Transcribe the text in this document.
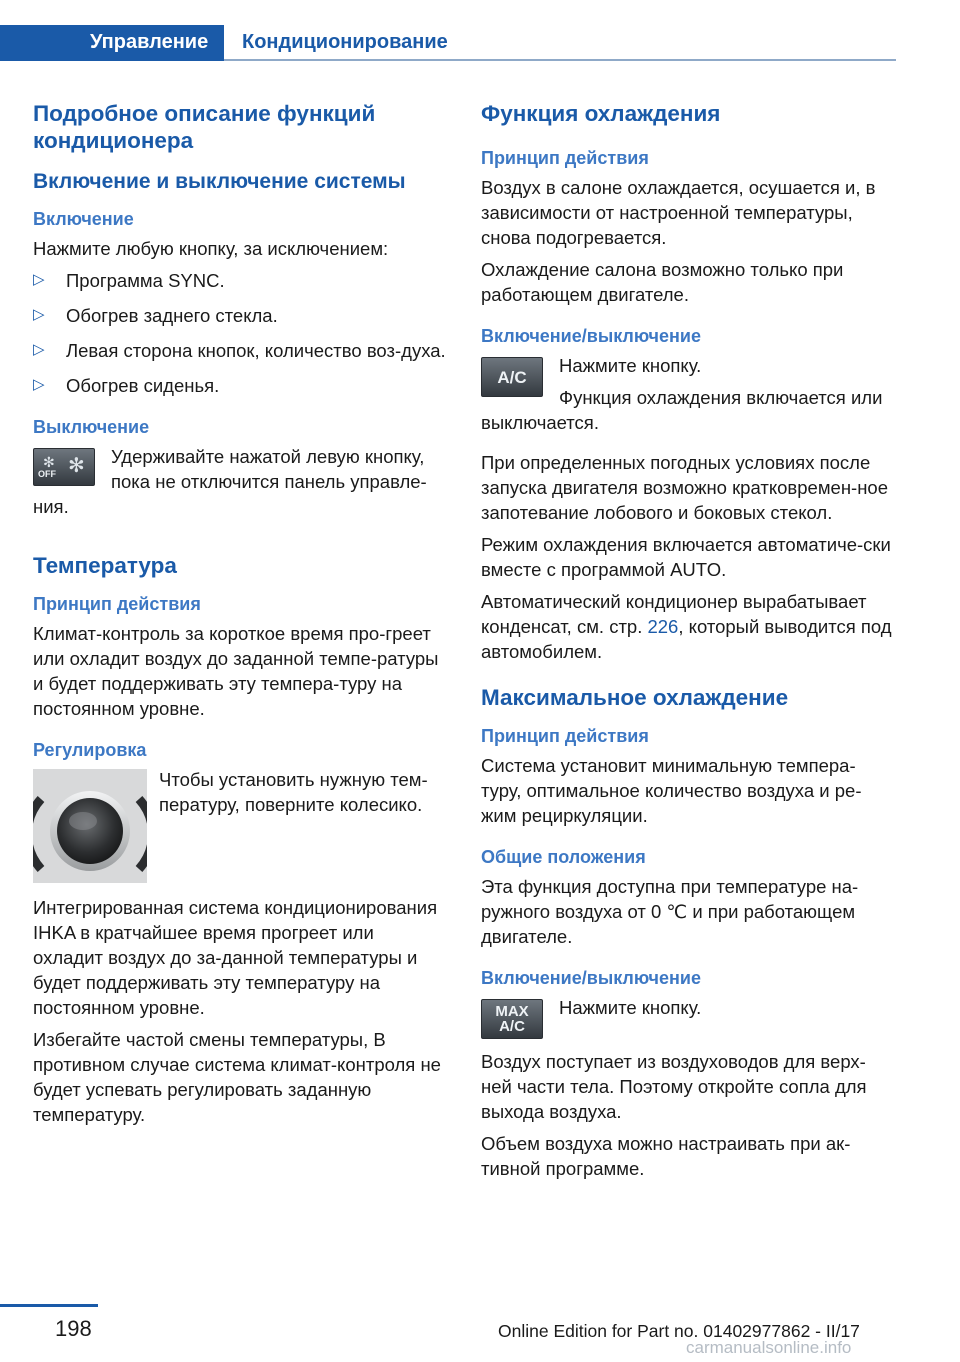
Управление Кондиционирование
Подробное описание функций кондиционера
Включение и выключение системы
Включение

Нажмите любую кнопку, за исключением:

▷ Программа SYNC.
▷ Обогрев заднего стекла.
▷ Левая сторона кнопок, количество воз‐духа.
▷ Обогрев сиденья.
Выключение
✻ ✻
OFF

Удерживайте нажатой левую кнопку, пока не отключится панель управле‐ния.

Температура
Принцип действия

Климат-контроль за короткое время про‐греет или охладит воздух до заданной темпе‐ратуры и будет поддерживать эту темпера‐туру на постоянном уровне.

Регулировка

Чтобы установить нужную тем‐пературу, поверните колесико.

Интегрированная система кондиционирования IHKA в кратчайшее время прогреет или охладит воздух до за‐данной температуры и будет поддерживать эту температуру на постоянном уровне.

Избегайте частой смены температуры, В противном случае система климат-контроля не будет успевать регулировать заданную температуру.

Функция охлаждения
Принцип действия

Воздух в салоне охлаждается, осушается и, в зависимости от настроенной температуры, снова подогревается.

Охлаждение салона возможно только при работающем двигателе.

Включение/выключение
A/C

Нажмите кнопку.

Функция охлаждения включается или выключается.

При определенных погодных условиях после запуска двигателя возможно кратковремен‐ное запотевание лобового и боковых стекол.

Режим охлаждения включается автоматиче‐ски вместе с программой AUTO.

Автоматический кондиционер вырабатывает конденсат, см. стр. 226, который выводится под автомобилем.

Максимальное охлаждение
Принцип действия

Система установит минимальную темпера‐туру, оптимальное количество воздуха и ре‐жим рециркуляции.

Общие положения

Эта функция доступна при температуре на‐ружного воздуха от 0 ℃ и при работающем двигателе.

Включение/выключение
MAX
A/C

Нажмите кнопку.

Воздух поступает из воздуховодов для верх‐ней части тела. Поэтому откройте сопла для выхода воздуха.

Объем воздуха можно настраивать при ак‐тивной программе.

198	Online Edition for Part no. 01402977862 - II/17
carmanualsonline.info
